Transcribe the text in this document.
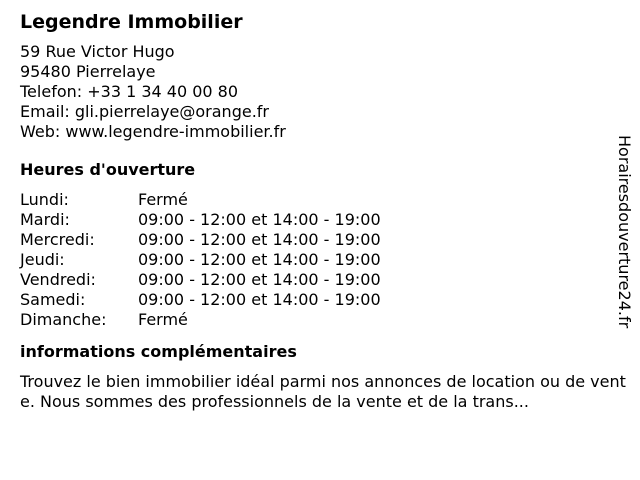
Legendre Immobilier
59 Rue Victor Hugo
95480 Pierrelaye
Telefon: +33 1 34 40 00 80
Email: gli.pierrelaye@orange.fr
Web: www.legendre-immobilier.fr
Heures d'ouverture
Lundi:	Fermé
Mardi:	09:00 - 12:00 et 14:00 - 19:00
Mercredi:	09:00 - 12:00 et 14:00 - 19:00
Jeudi:	09:00 - 12:00 et 14:00 - 19:00
Vendredi:	09:00 - 12:00 et 14:00 - 19:00
Samedi:	09:00 - 12:00 et 14:00 - 19:00
Dimanche:	Fermé
informations complémentaires
Trouvez le bien immobilier idéal parmi nos annonces de location ou de vente. Nous sommes des professionnels de la vente et de la trans...
Horairesdouverture24.fr
